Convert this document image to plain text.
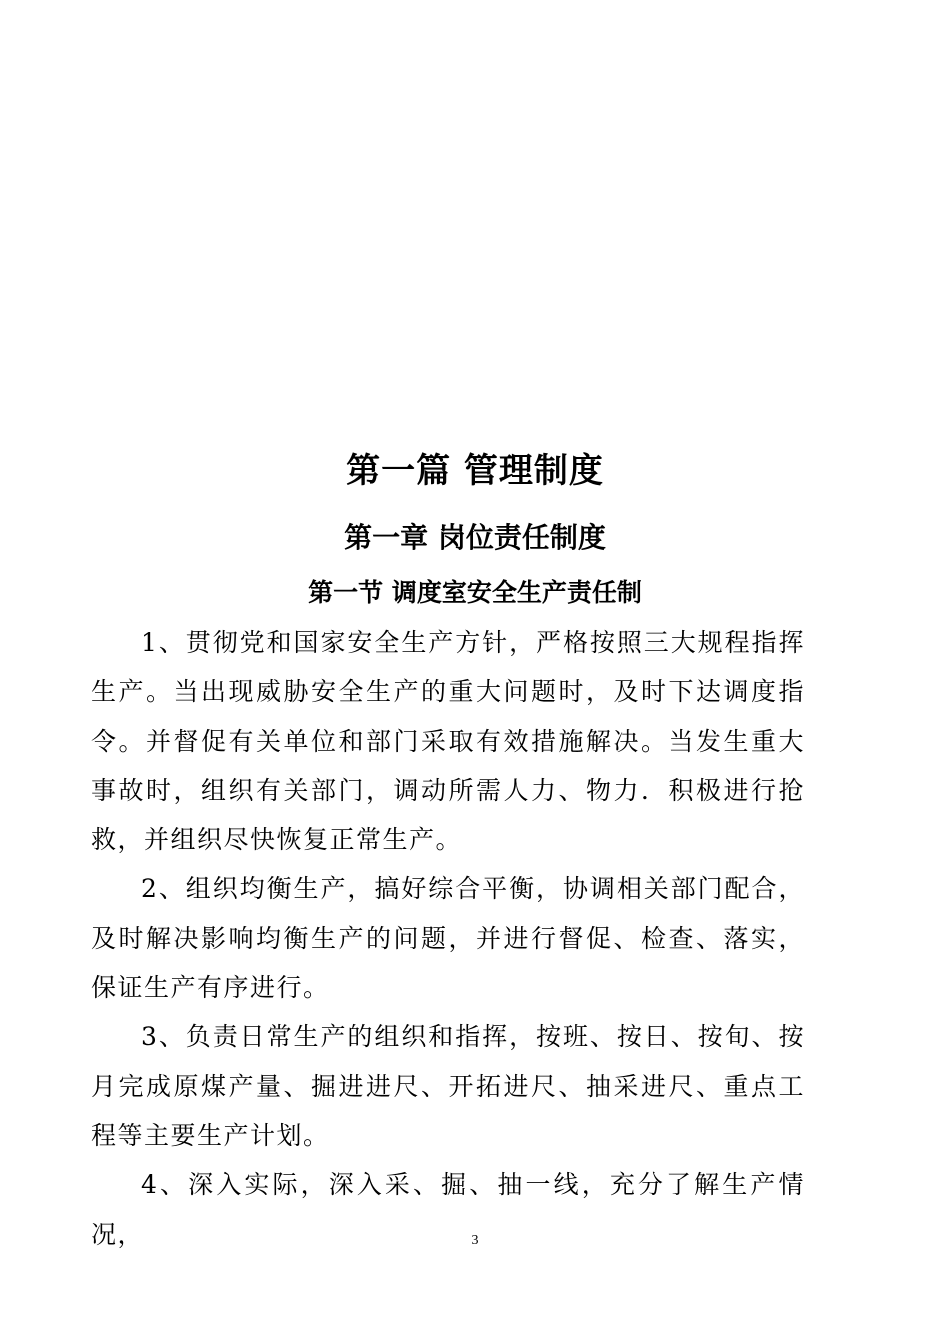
第一篇 管理制度
第一章 岗位责任制度
第一节 调度室安全生产责任制

1、贯彻党和国家安全生产方针，严格按照三大规程指挥生产。当出现威胁安全生产的重大问题时，及时下达调度指令。并督促有关单位和部门采取有效措施解决。当发生重大事故时，组织有关部门，调动所需人力、物力．积极进行抢救，并组织尽快恢复正常生产。

2、组织均衡生产，搞好综合平衡，协调相关部门配合，及时解决影响均衡生产的问题，并进行督促、检查、落实，保证生产有序进行。

3、负责日常生产的组织和指挥，按班、按日、按旬、按月完成原煤产量、掘进进尺、开拓进尺、抽采进尺、重点工程等主要生产计划。

4、深入实际，深入采、掘、抽一线，充分了解生产情况，	3
